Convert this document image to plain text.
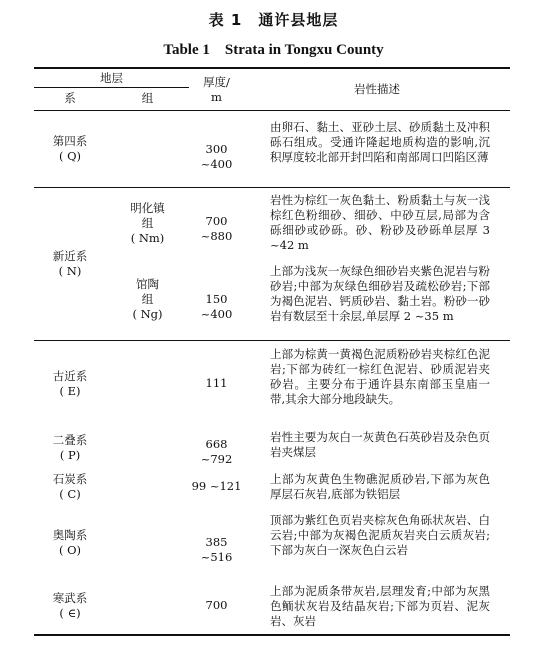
表 1　通许县地层
Table 1　Strata in Tongxu County
地层
系	组
厚度/
m
岩性描述
第四系
( Q)	300 ~400
由卵石、黏土、亚砂土层、砂质黏土及冲积砾石组成。受通许隆起地质构造的影响,沉积厚度较北部开封凹陷和南部周口凹陷区薄
新近系
( N)
明化镇
组
( Nm)
700 ~880
岩性为棕红一灰色黏土、粉质黏土与灰一浅棕红色粉细砂、细砂、中砂互层,局部为含砾细砂或砂砾。砂、粉砂及砂砾单层厚 3 ~42 m
馆陶
组
( Ng)
150 ~400
上部为浅灰一灰绿色细砂岩夹紫色泥岩与粉砂岩;中部为灰绿色细砂岩及疏松砂岩;下部为褐色泥岩、钙质砂岩、黏土岩。粉砂一砂岩有数层至十余层,单层厚 2 ~35 m
古近系
( E)
111
上部为棕黄一黄褐色泥质粉砂岩夹棕红色泥岩;下部为砖红一棕红色泥岩、砂质泥岩夹砂岩。主要分布于通许县东南部玉皇庙一带,其余大部分地段缺失。
二叠系
( P)
668 ~792
岩性主要为灰白一灰黄色石英砂岩及杂色页岩夹煤层
石炭系
( C)
99 ~121 上部为灰黄色生物礁泥质砂岩,下部为灰色厚层石灰岩,底部为铁铝层
奥陶系
( O)
385 ~516
顶部为紫红色页岩夹棕灰色角砾状灰岩、白云岩;中部为灰褐色泥质灰岩夹白云质灰岩;下部为灰白一深灰色白云岩
寒武系
( ∈)
700
上部为泥质条带灰岩,层理发育;中部为灰黑色鲕状灰岩及结晶灰岩;下部为页岩、泥灰岩、灰岩
